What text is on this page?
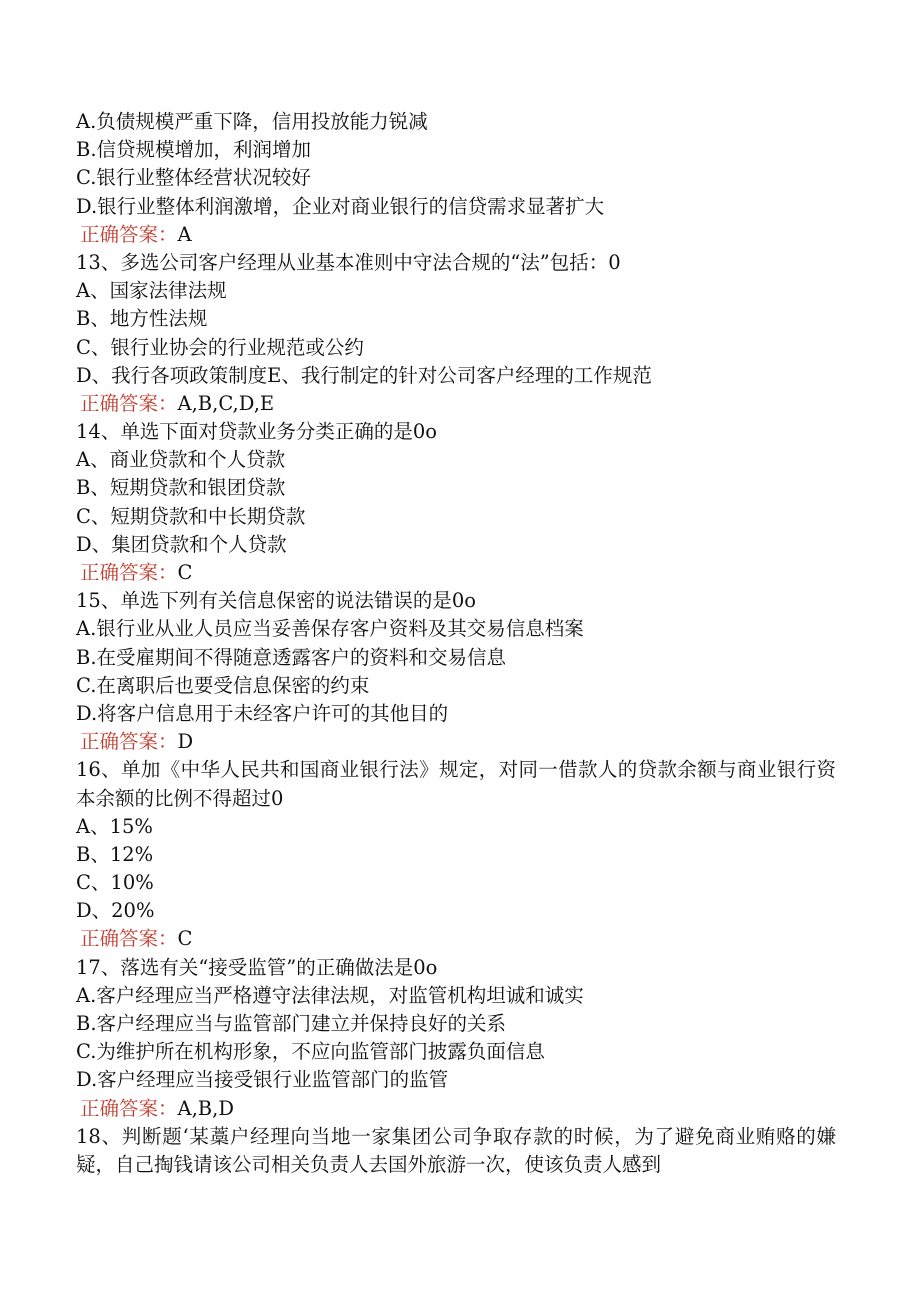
A.负债规模严重下降，信用投放能力锐减
B.信贷规模增加，利润增加
C.银行业整体经营状况较好
D.银行业整体利润激增，企业对商业银行的信贷需求显著扩大
正确答案：A
13、多选公司客户经理从业基本准则中守法合规的“法”包括：0
A、国家法律法规
B、地方性法规
C、银行业协会的行业规范或公约
D、我行各项政策制度E、我行制定的针对公司客户经理的工作规范
正确答案：A,B,C,D,E
14、单选下面对贷款业务分类正确的是0o
A、商业贷款和个人贷款
B、短期贷款和银团贷款
C、短期贷款和中长期贷款
D、集团贷款和个人贷款
正确答案：C
15、单选下列有关信息保密的说法错误的是0o
A.银行业从业人员应当妥善保存客户资料及其交易信息档案
B.在受雇期间不得随意透露客户的资料和交易信息
C.在离职后也要受信息保密的约束
D.将客户信息用于未经客户许可的其他目的
正确答案：D
16、单加《中华人民共和国商业银行法》规定，对同一借款人的贷款余额与商业银行资本余额的比例不得超过0
A、15%
B、12%
C、10%
D、20%
正确答案：C
17、落选有关“接受监管”的正确做法是0o
A.客户经理应当严格遵守法律法规，对监管机构坦诚和诚实
B.客户经理应当与监管部门建立并保持良好的关系
C.为维护所在机构形象，不应向监管部门披露负面信息
D.客户经理应当接受银行业监管部门的监管
正确答案：A,B,D
18、判断题‘某藁户经理向当地一家集团公司争取存款的时候，为了避免商业贿赂的嫌疑，自己掏钱请该公司相关负责人去国外旅游一次，使该负责人感到
